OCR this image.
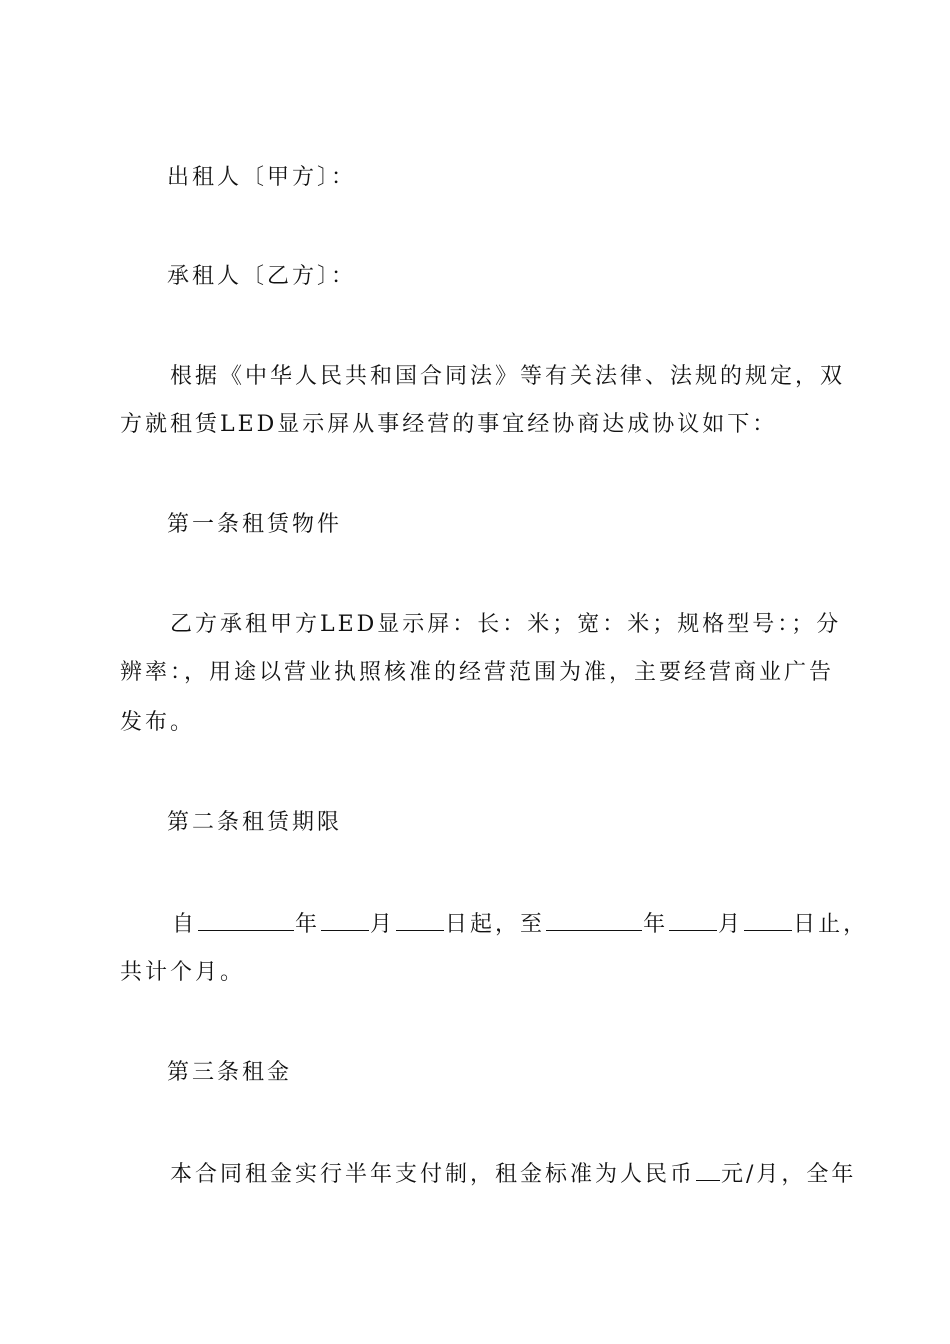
出租人〔甲方〕：
承租人〔乙方〕：
根据《中华人民共和国合同法》等有关法律、法规的规定，双
方就租赁LED显示屏从事经营的事宜经协商达成协议如下：
第一条租赁物件
乙方承租甲方LED显示屏：长：米；宽：米；规格型号：；分
辨率：，用途以营业执照核准的经营范围为准，主要经营商业广告
发布。
第二条租赁期限
自	年 月 日起，至	年 月 日止，
共计个月。
第三条租金
本合同租金实行半年支付制，租金标准为人民币 元/月，全年
